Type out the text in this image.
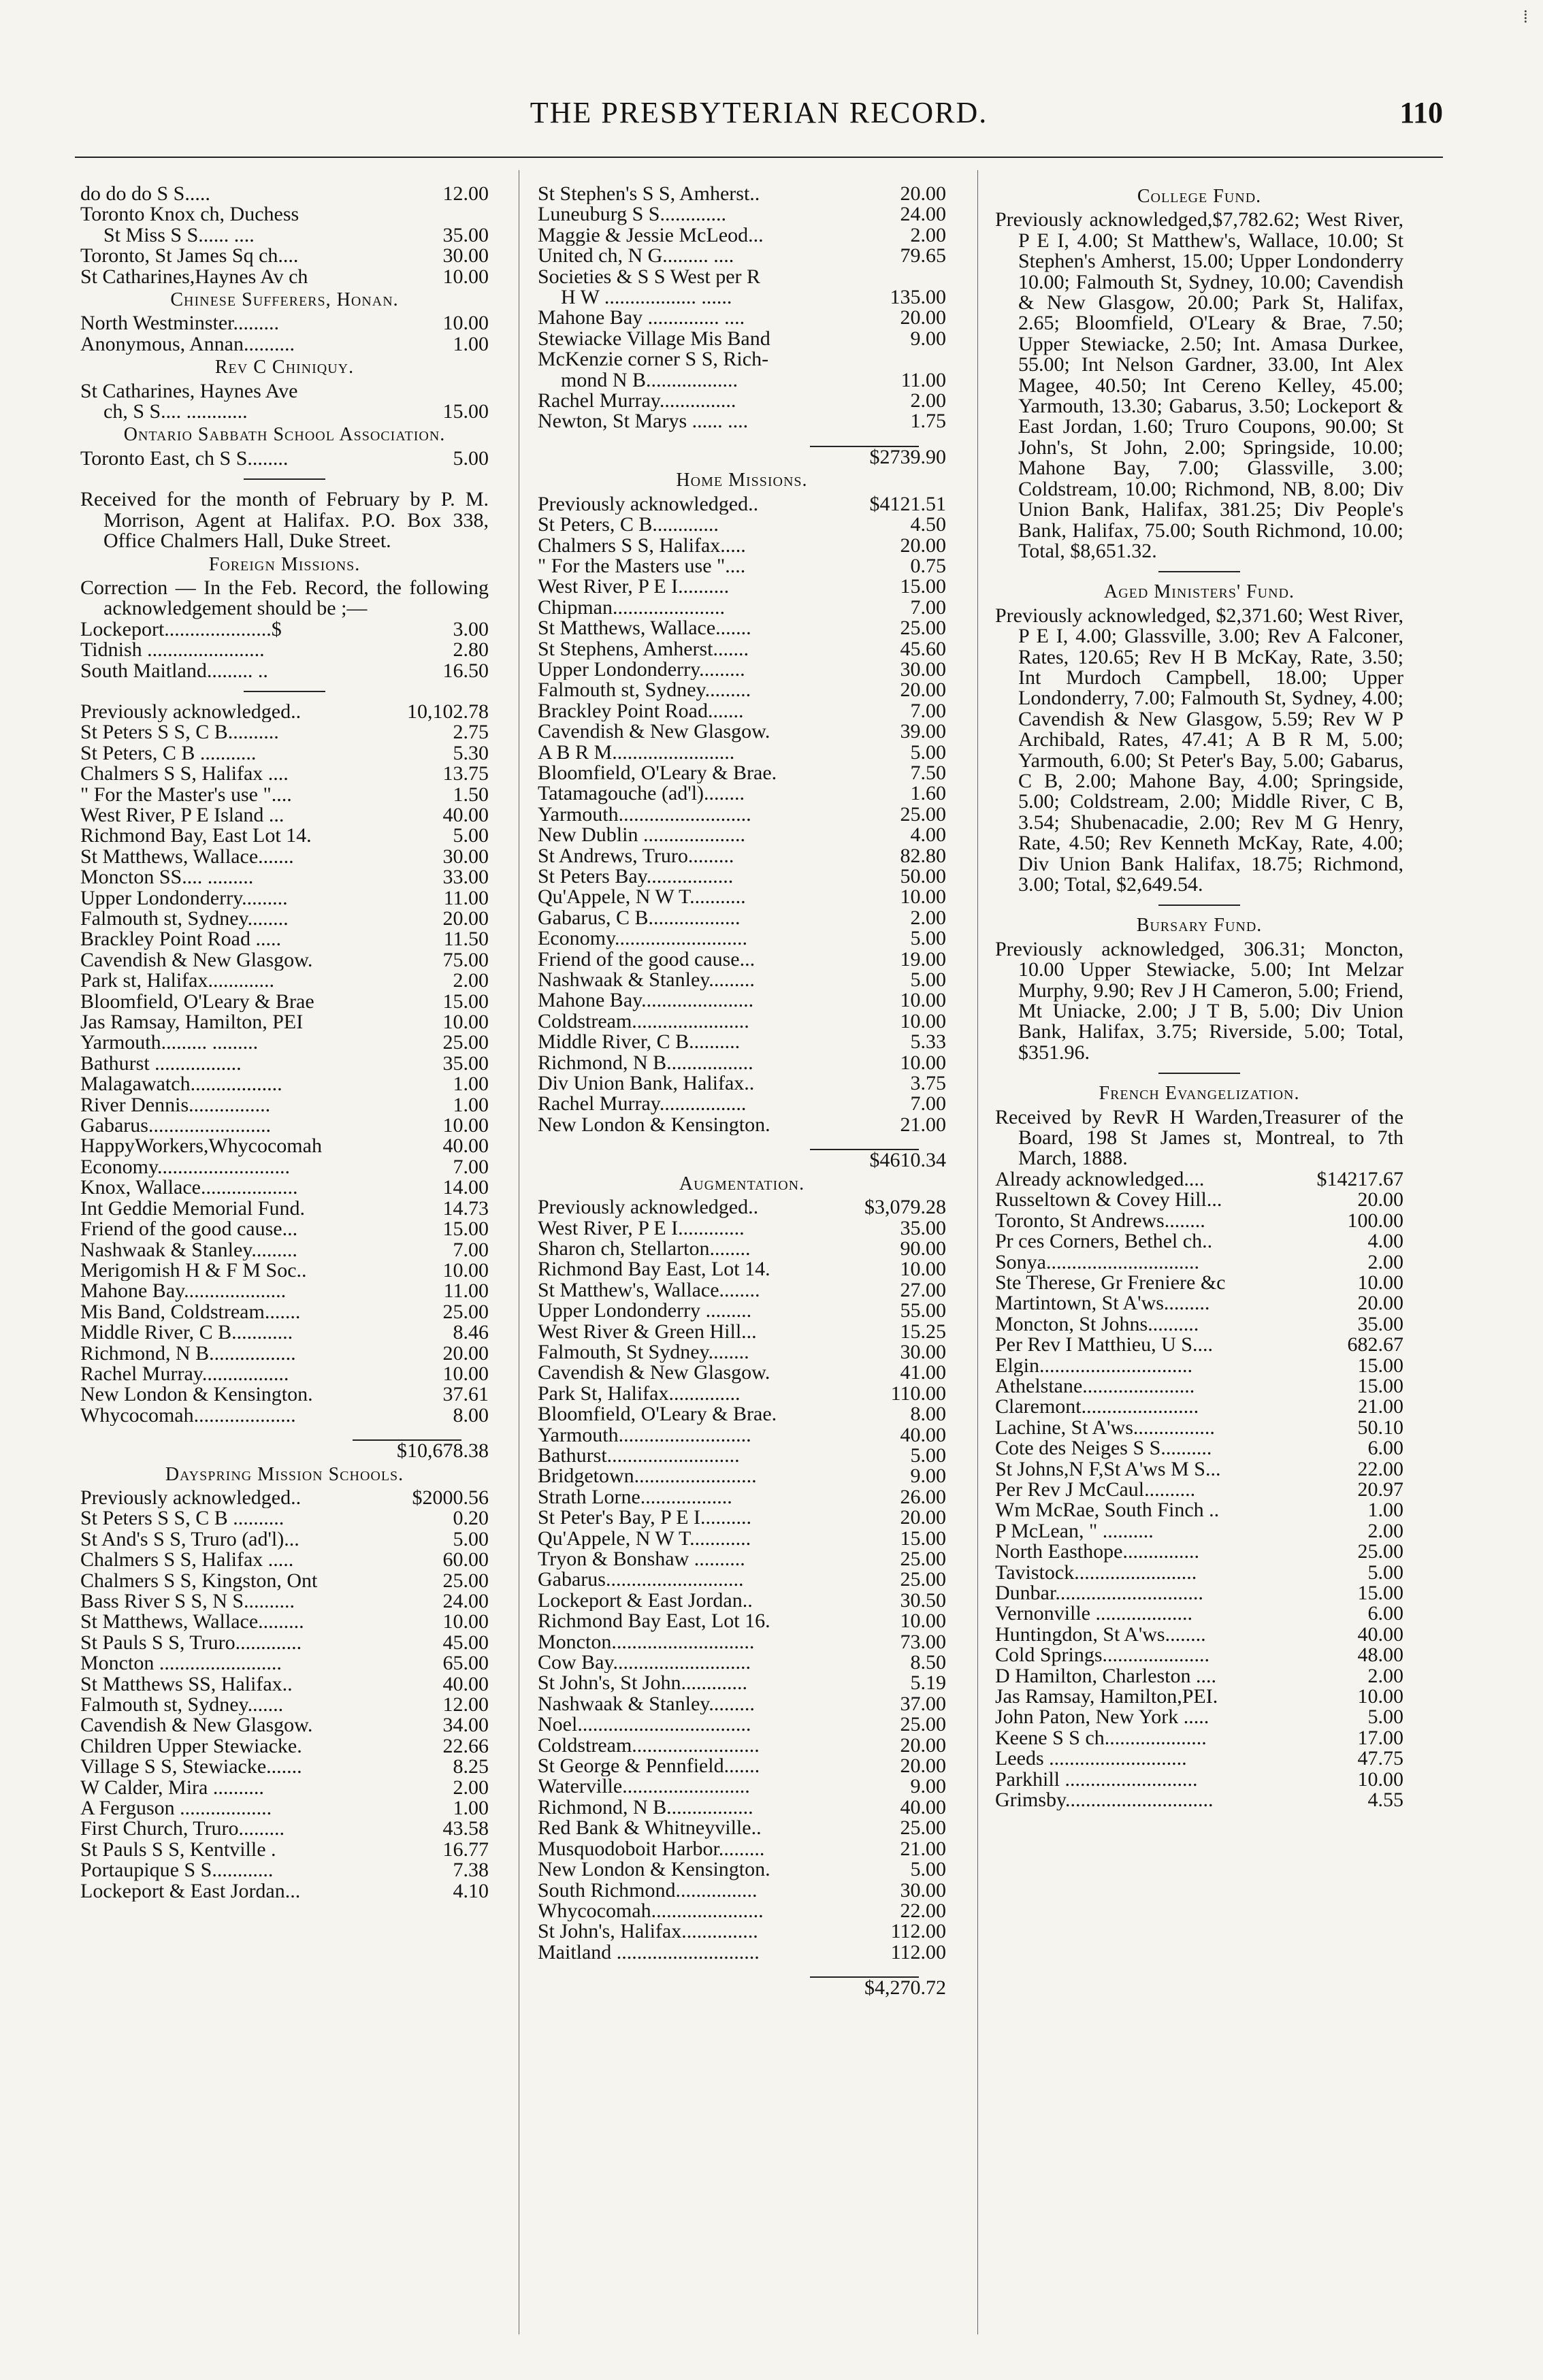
⁞
THE PRESBYTERIAN RECORD.	110
do do do S S.....	12.00
Toronto Knox ch, Duchess
St Miss S S...... ....	35.00
Toronto, St James Sq ch....	30.00
St Catharines,Haynes Av ch	10.00
Chinese Sufferers, Honan.
North Westminster.........	10.00
Anonymous, Annan..........	1.00
Rev C Chiniquy.
St Catharines, Haynes Ave
ch, S S.... ............	15.00
Ontario Sabbath School Association.
Toronto East, ch S S........	5.00
Received for the month of February by P. M. Morrison, Agent at Halifax. P.O. Box 338, Office Chalmers Hall, Duke Street.
Foreign Missions.
Correction — In the Feb. Record, the following acknowledgement should be ;—
Lockeport.....................$	3.00
Tidnish .......................	2.80
South Maitland......... ..	16.50
Previously acknowledged..	10,102.78
St Peters S S, C B..........	2.75
St Peters, C B ...........	5.30
Chalmers S S, Halifax ....	13.75
" For the Master's use "....	1.50
West River, P E Island ...	40.00
Richmond Bay, East Lot 14.	5.00
St Matthews, Wallace.......	30.00
Moncton SS.... .........	33.00
Upper Londonderry.........	11.00
Falmouth st, Sydney........	20.00
Brackley Point Road .....	11.50
Cavendish & New Glasgow.	75.00
Park st, Halifax.............	2.00
Bloomfield, O'Leary & Brae	15.00
Jas Ramsay, Hamilton, PEI	10.00
Yarmouth......... .........	25.00
Bathurst .................	35.00
Malagawatch..................	1.00
River Dennis................	1.00
Gabarus........................	10.00
HappyWorkers,Whycocomah	40.00
Economy..........................	7.00
Knox, Wallace...................	14.00
Int Geddie Memorial Fund.	14.73
Friend of the good cause...	15.00
Nashwaak & Stanley.........	7.00
Merigomish H & F M Soc..	10.00
Mahone Bay....................	11.00
Mis Band, Coldstream.......	25.00
Middle River, C B............	8.46
Richmond, N B.................	20.00
Rachel Murray.................	10.00
New London & Kensington.	37.61
Whycocomah....................	8.00
$10,678.38
Dayspring Mission Schools.
Previously acknowledged..	$2000.56
St Peters S S, C B ..........	0.20
St And's S S, Truro (ad'l)...	5.00
Chalmers S S, Halifax .....	60.00
Chalmers S S, Kingston, Ont	25.00
Bass River S S, N S..........	24.00
St Matthews, Wallace.........	10.00
St Pauls S S, Truro.............	45.00
Moncton ........................	65.00
St Matthews SS, Halifax..	40.00
Falmouth st, Sydney.......	12.00
Cavendish & New Glasgow.	34.00
Children Upper Stewiacke.	22.66
Village S S, Stewiacke.......	8.25
W Calder, Mira ..........	2.00
A Ferguson ..................	1.00
First Church, Truro.........	43.58
St Pauls S S, Kentville .	16.77
Portaupique S S............	7.38
Lockeport & East Jordan...	4.10
St Stephen's S S, Amherst..	20.00
Luneuburg S S.............	24.00
Maggie & Jessie McLeod...	2.00
United ch, N G......... ....	79.65
Societies & S S West per R
H W .................. ......	135.00
Mahone Bay .............. ....	20.00
Stewiacke Village Mis Band	9.00
McKenzie corner S S, Rich-
mond N B..................	11.00
Rachel Murray...............	2.00
Newton, St Marys ...... ....	1.75
$2739.90
Home Missions.
Previously acknowledged..	$4121.51
St Peters, C B.............	4.50
Chalmers S S, Halifax.....	20.00
" For the Masters use "....	0.75
West River, P E I..........	15.00
Chipman......................	7.00
St Matthews, Wallace.......	25.00
St Stephens, Amherst.......	45.60
Upper Londonderry.........	30.00
Falmouth st, Sydney.........	20.00
Brackley Point Road.......	7.00
Cavendish & New Glasgow.	39.00
A B R M........................	5.00
Bloomfield, O'Leary & Brae.	7.50
Tatamagouche (ad'l)........	1.60
Yarmouth..........................	25.00
New Dublin ....................	4.00
St Andrews, Truro.........	82.80
St Peters Bay.................	50.00
Qu'Appele, N W T...........	10.00
Gabarus, C B..................	2.00
Economy..........................	5.00
Friend of the good cause...	19.00
Nashwaak & Stanley.........	5.00
Mahone Bay......................	10.00
Coldstream.......................	10.00
Middle River, C B..........	5.33
Richmond, N B.................	10.00
Div Union Bank, Halifax..	3.75
Rachel Murray.................	7.00
New London & Kensington.	21.00
$4610.34
Augmentation.
Previously acknowledged..	$3,079.28
West River, P E I.............	35.00
Sharon ch, Stellarton........	90.00
Richmond Bay East, Lot 14.	10.00
St Matthew's, Wallace........	27.00
Upper Londonderry .........	55.00
West River & Green Hill...	15.25
Falmouth, St Sydney........	30.00
Cavendish & New Glasgow.	41.00
Park St, Halifax..............	110.00
Bloomfield, O'Leary & Brae.	8.00
Yarmouth..........................	40.00
Bathurst..........................	5.00
Bridgetown........................	9.00
Strath Lorne..................	26.00
St Peter's Bay, P E I..........	20.00
Qu'Appele, N W T............	15.00
Tryon & Bonshaw ..........	25.00
Gabarus...........................	25.00
Lockeport & East Jordan..	30.50
Richmond Bay East, Lot 16.	10.00
Moncton............................	73.00
Cow Bay...........................	8.50
St John's, St John.............	5.19
Nashwaak & Stanley.........	37.00
Noel..................................	25.00
Coldstream.........................	20.00
St George & Pennfield.......	20.00
Waterville.........................	9.00
Richmond, N B.................	40.00
Red Bank & Whitneyville..	25.00
Musquodoboit Harbor.........	21.00
New London & Kensington.	5.00
South Richmond................	30.00
Whycocomah......................	22.00
St John's, Halifax...............	112.00
Maitland ............................	112.00
$4,270.72
College Fund.
Previously acknowledged,$7,782.62; West River, P E I, 4.00; St Matthew's, Wallace, 10.00; St Stephen's Amherst, 15.00; Upper Londonderry 10.00; Falmouth St, Sydney, 10.00; Cavendish & New Glasgow, 20.00; Park St, Halifax, 2.65; Bloomfield, O'Leary & Brae, 7.50; Upper Stewiacke, 2.50; Int. Amasa Durkee, 55.00; Int Nelson Gardner, 33.00, Int Alex Magee, 40.50; Int Cereno Kelley, 45.00; Yarmouth, 13.30; Gabarus, 3.50; Lockeport & East Jordan, 1.60; Truro Coupons, 90.00; St John's, St John, 2.00; Springside, 10.00; Mahone Bay, 7.00; Glassville, 3.00; Coldstream, 10.00; Richmond, NB, 8.00; Div Union Bank, Halifax, 381.25; Div People's Bank, Halifax, 75.00; South Richmond, 10.00; Total, $8,651.32.
Aged Ministers' Fund.
Previously acknowledged, $2,371.60; West River, P E I, 4.00; Glassville, 3.00; Rev A Falconer, Rates, 120.65; Rev H B McKay, Rate, 3.50; Int Murdoch Campbell, 18.00; Upper Londonderry, 7.00; Falmouth St, Sydney, 4.00; Cavendish & New Glasgow, 5.59; Rev W P Archibald, Rates, 47.41; A B R M, 5.00; Yarmouth, 6.00; St Peter's Bay, 5.00; Gabarus, C B, 2.00; Mahone Bay, 4.00; Springside, 5.00; Coldstream, 2.00; Middle River, C B, 3.54; Shubenacadie, 2.00; Rev M G Henry, Rate, 4.50; Rev Kenneth McKay, Rate, 4.00; Div Union Bank Halifax, 18.75; Richmond, 3.00; Total, $2,649.54.
Bursary Fund.
Previously acknowledged, 306.31; Moncton, 10.00 Upper Stewiacke, 5.00; Int Melzar Murphy, 9.90; Rev J H Cameron, 5.00; Friend, Mt Uniacke, 2.00; J T B, 5.00; Div Union Bank, Halifax, 3.75; Riverside, 5.00; Total, $351.96.
French Evangelization.
Received by RevR H Warden,Treasurer of the Board, 198 St James st, Montreal, to 7th March, 1888.
Already acknowledged....	$14217.67
Russeltown & Covey Hill...	20.00
Toronto, St Andrews........	100.00
Pr ces Corners, Bethel ch..	4.00
Sonya..............................	2.00
Ste Therese, Gr Freniere &c	10.00
Martintown, St A'ws.........	20.00
Moncton, St Johns..........	35.00
Per Rev I Matthieu, U S....	682.67
Elgin..............................	15.00
Athelstane......................	15.00
Claremont.......................	21.00
Lachine, St A'ws................	50.10
Cote des Neiges S S..........	6.00
St Johns,N F,St A'ws M S...	22.00
Per Rev J McCaul..........	20.97
Wm McRae, South Finch ..	1.00
P McLean, " ..........	2.00
North Easthope...............	25.00
Tavistock........................	5.00
Dunbar.............................	15.00
Vernonville ...................	6.00
Huntingdon, St A'ws........	40.00
Cold Springs.....................	48.00
D Hamilton, Charleston ....	2.00
Jas Ramsay, Hamilton,PEI.	10.00
John Paton, New York .....	5.00
Keene S S ch....................	17.00
Leeds ...........................	47.75
Parkhill ..........................	10.00
Grimsby.............................	4.55
